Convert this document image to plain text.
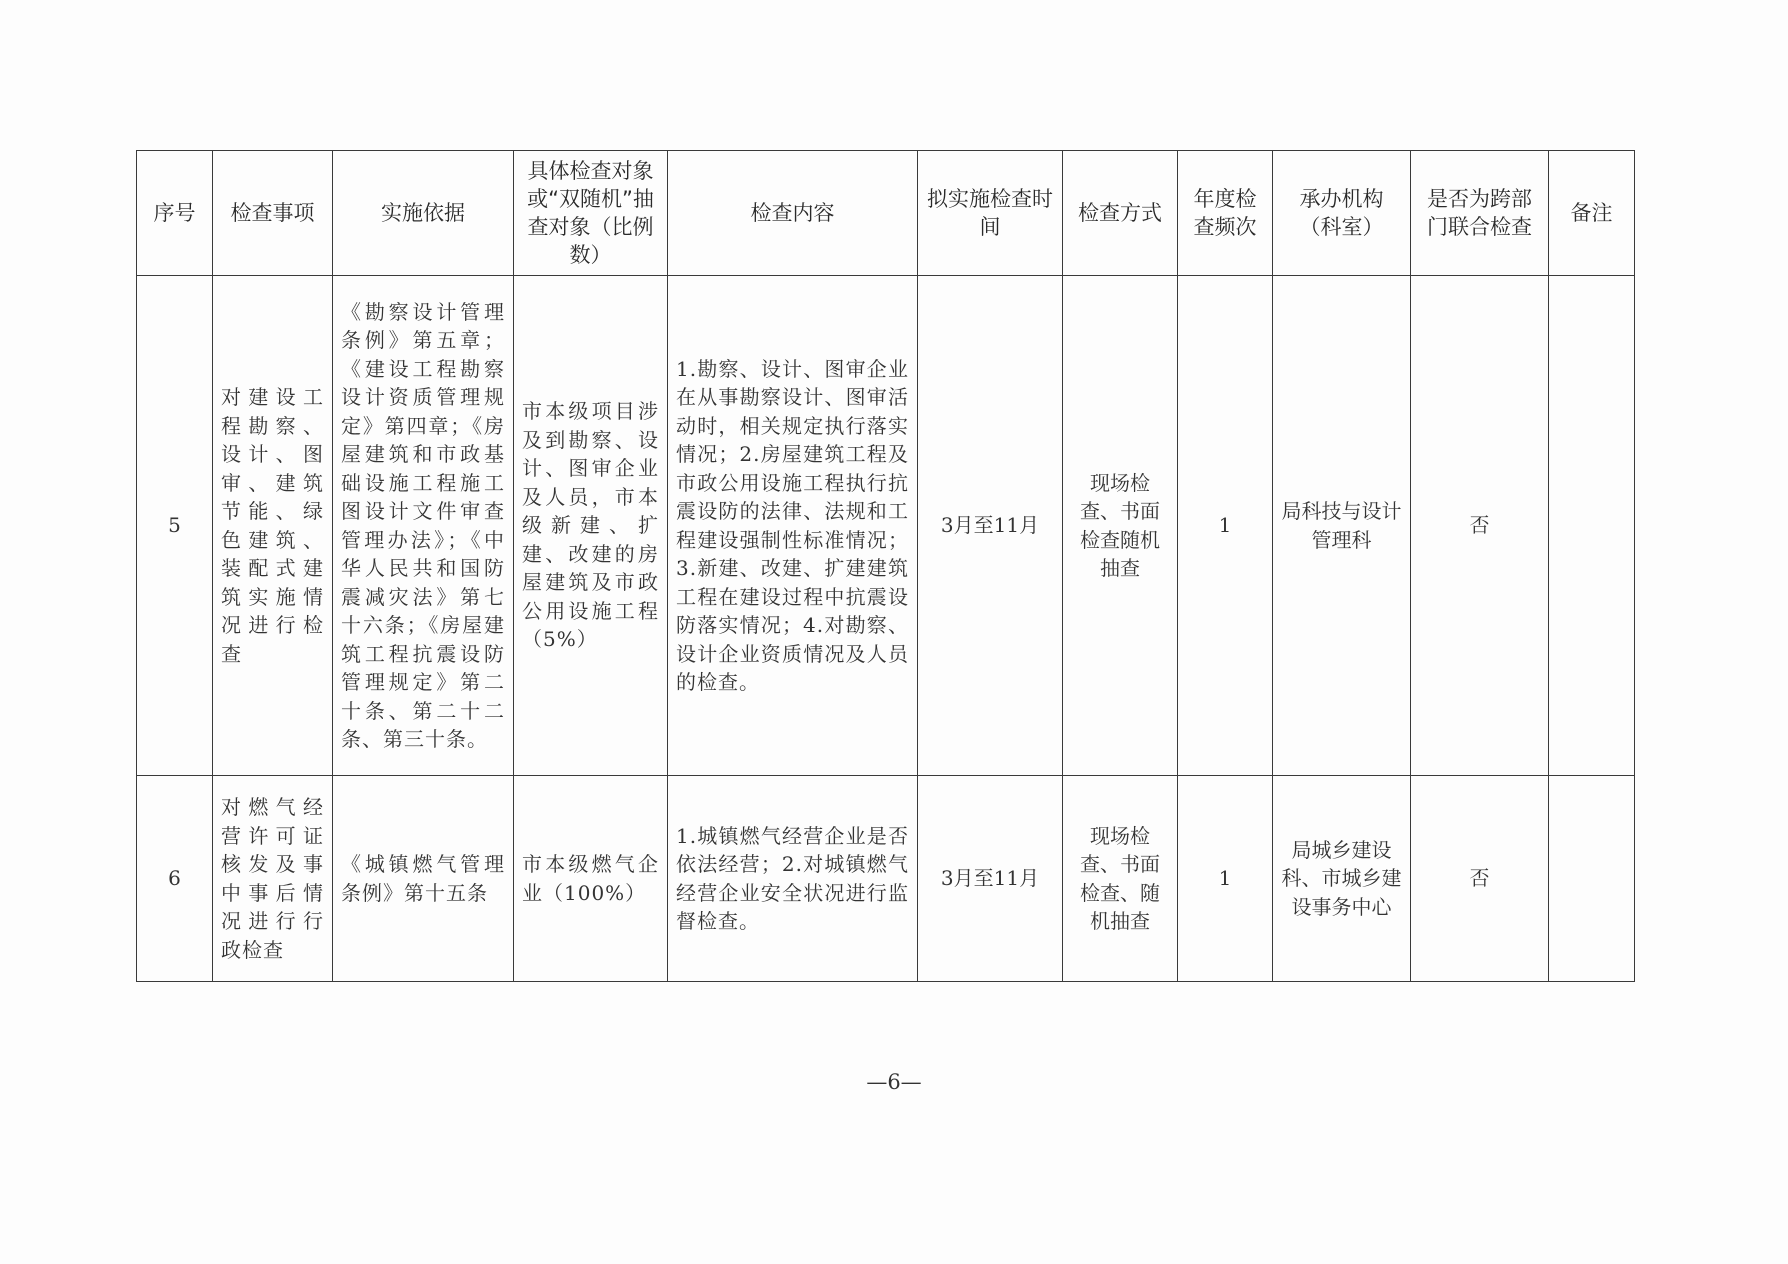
序号	检查事项	实施依据	具体检查对象或“双随机”抽查对象（比例数）	检查内容	拟实施检查时间	检查方式	年度检查频次	承办机构（科室）	是否为跨部门联合检查	备注
5	对建设工程勘察、设计、图审、建筑节能、绿色建筑、装配式建筑实施情况进行检查	《勘察设计管理条例》第五章；《建设工程勘察设计资质管理规定》第四章；《房屋建筑和市政基础设施工程施工图设计文件审查管理办法》；《中华人民共和国防震减灾法》第七十六条；《房屋建筑工程抗震设防管理规定》第二十条、第二十二条、第三十条。	市本级项目涉及到勘察、设计、图审企业及人员，市本级新建、扩建、改建的房屋建筑及市政公用设施工程（5%）	1.勘察、设计、图审企业在从事勘察设计、图审活动时，相关规定执行落实情况；2.房屋建筑工程及市政公用设施工程执行抗震设防的法律、法规和工程建设强制性标准情况；3.新建、改建、扩建建筑工程在建设过程中抗震设防落实情况；4.对勘察、设计企业资质情况及人员的检查。	3月至11月	现场检查、书面检查随机抽查	1	局科技与设计管理科	否	
6	对燃气经营许可证核发及事中事后情况进行行政检查	《城镇燃气管理条例》第十五条	市本级燃气企业（100%）	1.城镇燃气经营企业是否依法经营；2.对城镇燃气经营企业安全状况进行监督检查。	3月至11月	现场检查、书面检查、随机抽查	1	局城乡建设科、市城乡建设事务中心	否	
—6—
